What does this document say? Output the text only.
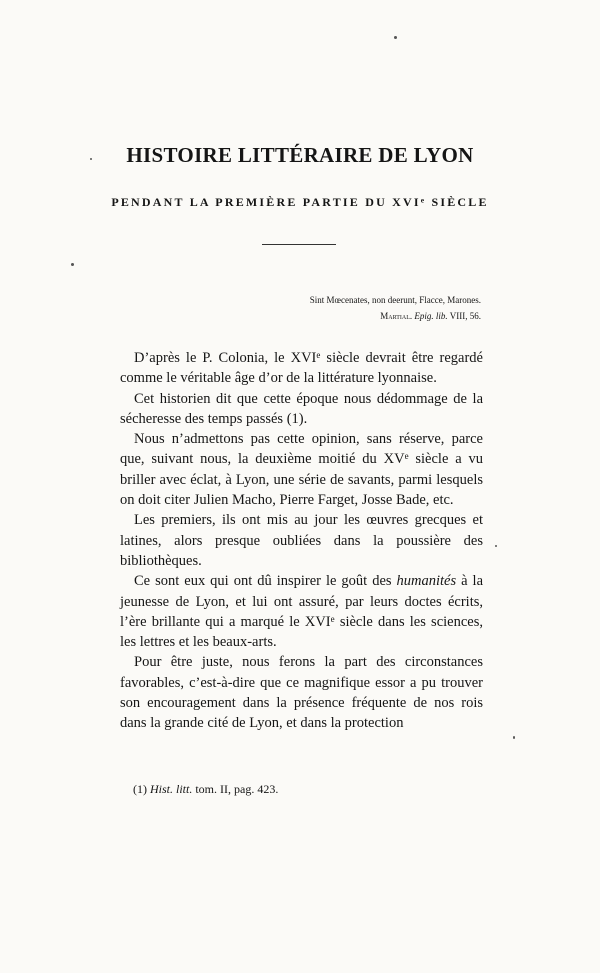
HISTOIRE LITTÉRAIRE DE LYON
PENDANT LA PREMIÈRE PARTIE DU XVIe SIÈCLE
Sint Mœcenates, non deerunt, Flacce, Marones.
Martial. Epig. lib. VIII, 56.

D’après le P. Colonia, le XVIe siècle devrait être regardé comme le véritable âge d’or de la littérature lyonnaise.

Cet historien dit que cette époque nous dédommage de la sécheresse des temps passés (1).

Nous n’admettons pas cette opinion, sans réserve, parce que, suivant nous, la deuxième moitié du XVe siècle a vu briller avec éclat, à Lyon, une série de savants, parmi lesquels on doit citer Julien Macho, Pierre Farget, Josse Bade, etc.

Les premiers, ils ont mis au jour les œuvres grecques et latines, alors presque oubliées dans la poussière des bibliothèques.

Ce sont eux qui ont dû inspirer le goût des humanités à la jeunesse de Lyon, et lui ont assuré, par leurs doctes écrits, l’ère brillante qui a marqué le XVIe siècle dans les sciences, les lettres et les beaux-arts.

Pour être juste, nous ferons la part des circonstances favorables, c’est-à-dire que ce magnifique essor a pu trouver son encouragement dans la présence fréquente de nos rois dans la grande cité de Lyon, et dans la protection

(1) Hist. litt. tom. II, pag. 423.
